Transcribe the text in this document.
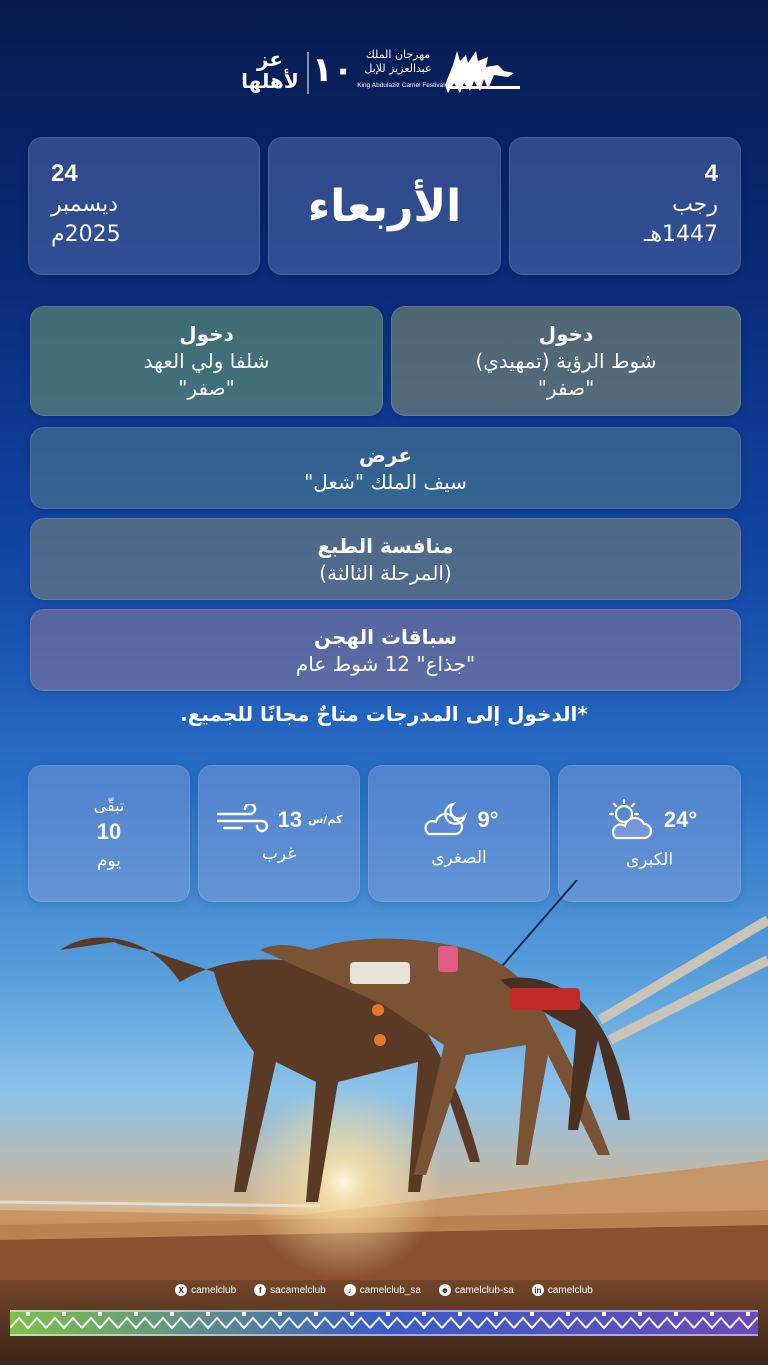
عز لأهلها ١٠	مهرجان الملك عبدالعزيز للإبل
King Abdulaziz Camel Festival
24
ديسمبر
2025م
الأربعاء
4
رجب
1447هـ
دخول
شلفا ولي العهد
"صفر"
دخول
شوط الرؤية (تمهيدي)
"صفر"
عرض
سيف الملك "شعل"
منافسة الطبع
(المرحلة الثالثة)
سباقات الهجن
"جذاع" 12 شوط عام
*الدخول إلى المدرجات متاحٌ مجانًا للجميع.
تبقّى
10
يوم
13 كم/س
غرب
9°
الصغرى
24°
الكبرى
X camelclub	f sacamelclub	♪ camelclub_sa ☻ camelclub-sa	in camelclub
